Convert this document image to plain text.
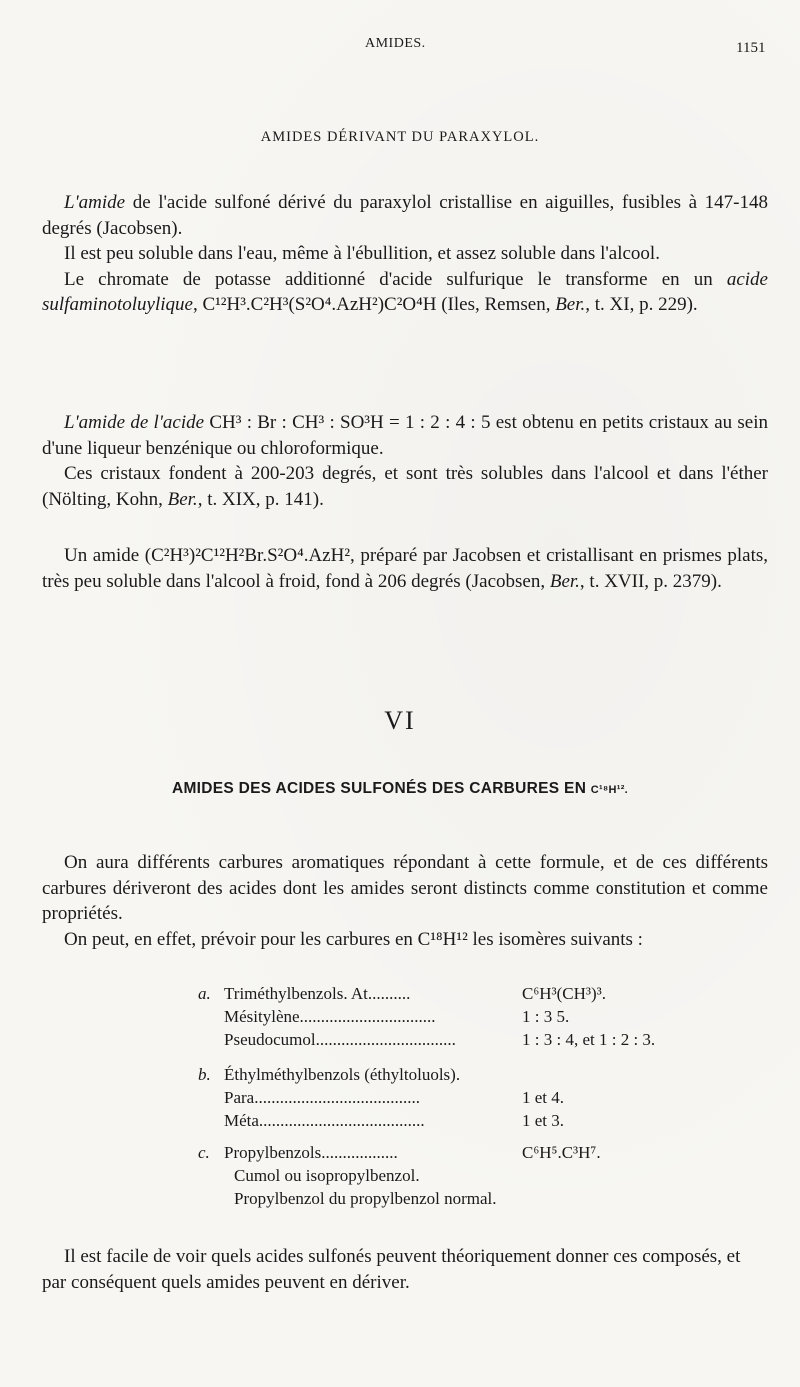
AMIDES.	1151
AMIDES DÉRIVANT DU PARAXYLOL.

L'amide de l'acide sulfoné dérivé du paraxylol cristallise en aiguilles, fusibles à 147-148 degrés (Jacobsen).

Il est peu soluble dans l'eau, même à l'ébullition, et assez soluble dans l'alcool.

Le chromate de potasse additionné d'acide sulfurique le transforme en un acide sulfaminotoluylique, C¹²H³.C²H³(S²O⁴.AzH²)C²O⁴H (Iles, Remsen, Ber., t. XI, p. 229).

L'amide de l'acide CH³ : Br : CH³ : SO³H = 1 : 2 : 4 : 5 est obtenu en petits cristaux au sein d'une liqueur benzénique ou chloroformique.

Ces cristaux fondent à 200-203 degrés, et sont très solubles dans l'alcool et dans l'éther (Nölting, Kohn, Ber., t. XIX, p. 141).

Un amide (C²H³)²C¹²H²Br.S²O⁴.AzH², préparé par Jacobsen et cristallisant en prismes plats, très peu soluble dans l'alcool à froid, fond à 206 degrés (Jacobsen, Ber., t. XVII, p. 2379).

VI
AMIDES DES ACIDES SULFONÉS DES CARBURES EN C¹⁸H¹².

On aura différents carbures aromatiques répondant à cette formule, et de ces différents carbures dériveront des acides dont les amides seront distincts comme constitution et comme propriétés.

On peut, en effet, prévoir pour les carbures en C¹⁸H¹² les isomères suivants :

a. Triméthylbenzols. At..........	C⁶H³(CH³)³.
Mésitylène................................	1 : 3 5.
Pseudocumol.................................	1 : 3 : 4, et 1 : 2 : 3.
b. Éthylméthylbenzols (éthyltoluols).
Para.......................................	1 et 4.
Méta.......................................	1 et 3.
c. Propylbenzols..................	C⁶H⁵.C³H⁷.
Cumol ou isopropylbenzol.
Propylbenzol du propylbenzol normal.

Il est facile de voir quels acides sulfonés peuvent théoriquement donner ces composés, et par conséquent quels amides peuvent en dériver.
